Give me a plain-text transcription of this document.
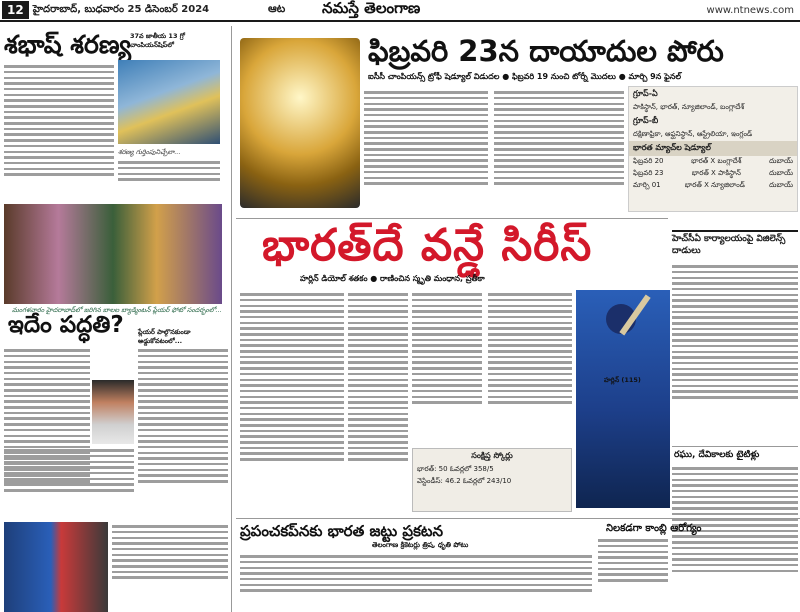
12 హైదరాబాద్, బుధవారం 25 డిసెంబర్ 2024	ఆట నమస్తే తెలంగాణ	www.ntnews.com
శభాష్ శరణ్య 37వ జాతీయ 13 గ్రో చాంపియన్‌షిప్‌లో
శరణ్య గుర్తింపునిచ్చేలా...
మంగళవారం హైదరాబాద్‌లో జరిగిన బాలల బ్యాడ్మింటన్ ప్లేయర్ ఫోటో సందర్భంలో...
ఇదేం పద్ధతి? ప్లేయర్ పాల్గొనకుండా అడ్డుకోవటంలో...
ఫిబ్రవరి 23న దాయాదుల పోరు
ఐసీసీ చాంపియన్స్ ట్రోఫీ షెడ్యూల్ విడుదల ● ఫిబ్రవరి 19 నుంచి టోర్నీ మొదలు ● మార్చి 9న ఫైనల్
గ్రూప్-ఏ
పాకిస్థాన్, భారత్, న్యూజిలాండ్, బంగ్లాదేశ్
గ్రూప్-బీ
దక్షిణాఫ్రికా, ఆఫ్ఘనిస్థాన్, ఆస్ట్రేలియా, ఇంగ్లండ్
భారత మ్యాచ్‌ల షెడ్యూల్
ఫిబ్రవరి 20	భారత్ X బంగ్లాదేశ్	దుబాయ్
ఫిబ్రవరి 23	భారత్ X పాకిస్థాన్	దుబాయ్
మార్చి 01	భారత్ X న్యూజిలాండ్	దుబాయ్
భారత్‌దే వన్డే సిరీస్
హర్లిన్ డియోల్ శతకం ● రాణించిన స్మృతి మంధాన, ప్రతీకా
సంక్షిప్త స్కోర్లు
భారత్: 50 ఓవర్లలో 358/5
వెస్టిండీస్: 46.2 ఓవర్లలో 243/10
హర్లిన్ (115)
హెచ్‌సీఏ కార్యాలయంపై విజిలెన్స్ దాడులు
రఘు, దేవికాలకు టైటిళ్లు
ప్రపంచకప్‌నకు భారత జట్టు ప్రకటన
తెలంగాణ క్రికెటర్లు త్రిష, ధృతి పోటు
నిలకడగా కాంబ్లి ఆరోగ్యం
